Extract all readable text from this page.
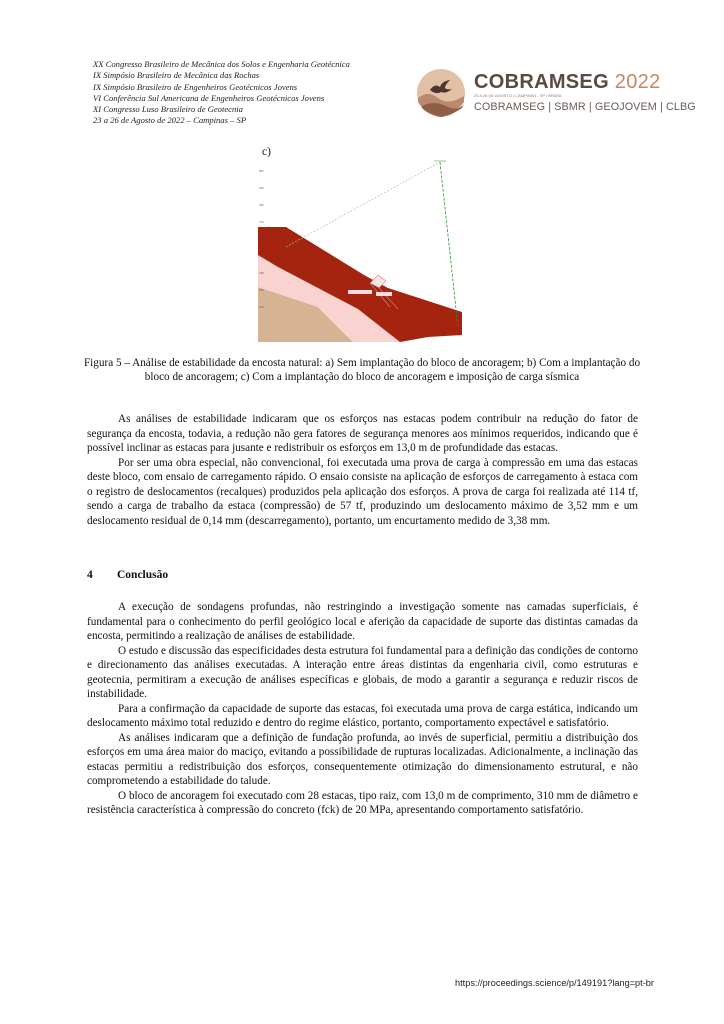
XX Congresso Brasileiro de Mecânica dos Solos e Engenharia Geotécnica
IX Simpósio Brasileiro de Mecânica das Rochas
IX Simpósio Brasileiro de Engenheiros Geotécnicos Jovens
VI Conferência Sul Americana de Engenheiros Geotécnicos Jovens
XI Congresso Luso Brasileiro de Geotecnia
23 a 26 de Agosto de 2022 – Campinas – SP
COBRAMSEG 2022
23 A 26 DE AGOSTO | CAMPINAS - SP | BRASIL
COBRAMSEG | SBMR | GEOJOVEM | CLBG
c)
800
790
780
770
760
750
740
730
720
Figura 5 – Análise de estabilidade da encosta natural: a) Sem implantação do bloco de ancoragem; b) Com a implantação do bloco de ancoragem; c) Com a implantação do bloco de ancoragem e imposição de carga sísmica

As análises de estabilidade indicaram que os esforços nas estacas podem contribuir na redução do fator de segurança da encosta, todavia, a redução não gera fatores de segurança menores aos mínimos requeridos, indicando que é possível inclinar as estacas para jusante e redistribuir os esforços em 13,0 m de profundidade das estacas.

Por ser uma obra especial, não convencional, foi executada uma prova de carga à compressão em uma das estacas deste bloco, com ensaio de carregamento rápido. O ensaio consiste na aplicação de esforços de carregamento à estaca com o registro de deslocamentos (recalques) produzidos pela aplicação dos esforços. A prova de carga foi realizada até 114 tf, sendo a carga de trabalho da estaca (compressão) de 57 tf, produzindo um deslocamento máximo de 3,52 mm e um deslocamento residual de 0,14 mm (descarregamento), portanto, um encurtamento medido de 3,38 mm.

4 Conclusão

A execução de sondagens profundas, não restringindo a investigação somente nas camadas superficiais, é fundamental para o conhecimento do perfil geológico local e aferição da capacidade de suporte das distintas camadas da encosta, permitindo a realização de análises de estabilidade.

O estudo e discussão das especificidades desta estrutura foi fundamental para a definição das condições de contorno e direcionamento das análises executadas. A interação entre áreas distintas da engenharia civil, como estruturas e geotecnia, permitiram a execução de análises específicas e globais, de modo a garantir a segurança e reduzir riscos de instabilidade.

Para a confirmação da capacidade de suporte das estacas, foi executada uma prova de carga estática, indicando um deslocamento máximo total reduzido e dentro do regime elástico, portanto, comportamento expectável e satisfatório.

As análises indicaram que a definição de fundação profunda, ao invés de superficial, permitiu a distribuição dos esforços em uma área maior do maciço, evitando a possibilidade de rupturas localizadas. Adicionalmente, a inclinação das estacas permitiu a redistribuição dos esforços, consequentemente otimização do dimensionamento estrutural, e não comprometendo a estabilidade do talude.

O bloco de ancoragem foi executado com 28 estacas, tipo raiz, com 13,0 m de comprimento, 310 mm de diâmetro e resistência característica à compressão do concreto (fck) de 20 MPa, apresentando comportamento satisfatório.

https://proceedings.science/p/149191?lang=pt-br
